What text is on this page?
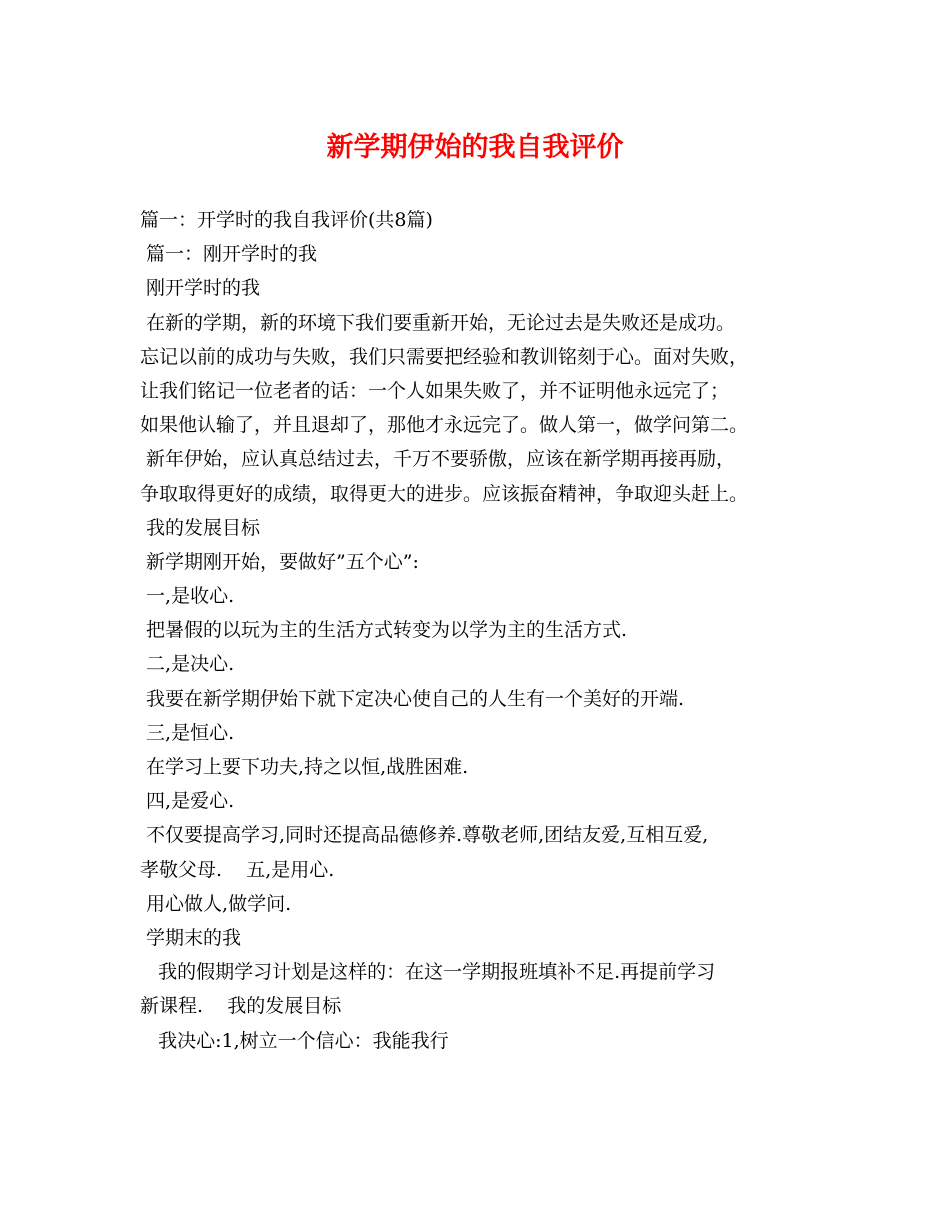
新学期伊始的我自我评价
篇一：开学时的我自我评价(共8篇)
篇一：刚开学时的我
刚开学时的我
在新的学期，新的环境下我们要重新开始，无论过去是失败还是成功。
忘记以前的成功与失败，我们只需要把经验和教训铭刻于心。面对失败，
让我们铭记一位老者的话：一个人如果失败了，并不证明他永远完了；
如果他认输了，并且退却了，那他才永远完了。做人第一，做学问第二。
新年伊始，应认真总结过去，千万不要骄傲，应该在新学期再接再励，
争取取得更好的成绩，取得更大的进步。应该振奋精神，争取迎头赶上。
我的发展目标
新学期刚开始，要做好”五个心”:
一,是收心.
把暑假的以玩为主的生活方式转变为以学为主的生活方式.
二,是决心.
我要在新学期伊始下就下定决心使自己的人生有一个美好的开端.
三,是恒心.
在学习上要下功夫,持之以恒,战胜困难.
四,是爱心.
不仅要提高学习,同时还提高品德修养.尊敬老师,团结友爱,互相互爱,
孝敬父母.    五,是用心.
用心做人,做学问.
学期末的我
我的假期学习计划是这样的：在这一学期报班填补不足.再提前学习
新课程.    我的发展目标
我决心:1,树立一个信心：我能我行
